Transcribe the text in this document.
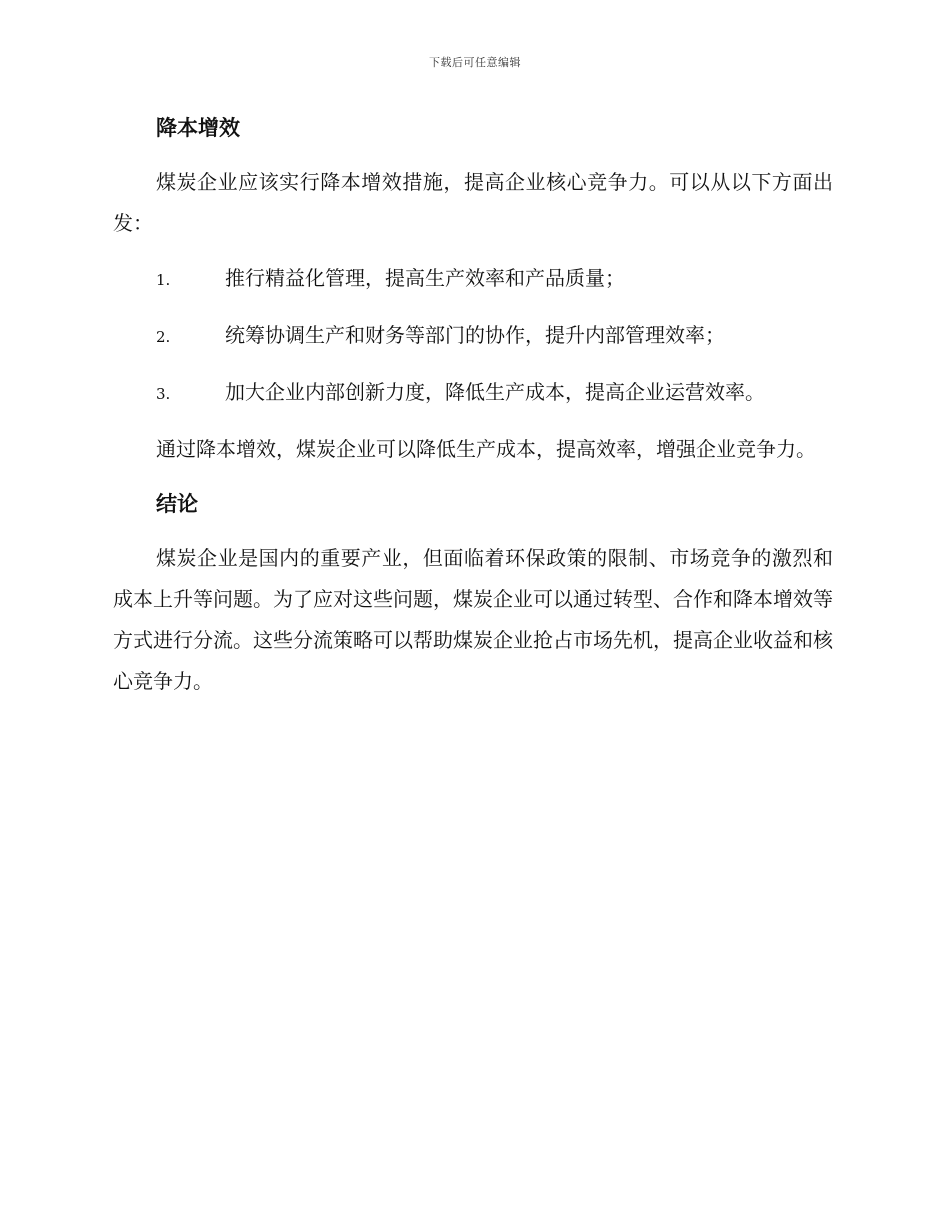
下载后可任意编辑
降本增效

煤炭企业应该实行降本增效措施，提高企业核心竞争力。可以从以下方面出发：

1.	推行精益化管理，提高生产效率和产品质量；
2.	统筹协调生产和财务等部门的协作，提升内部管理效率；
3.	加大企业内部创新力度，降低生产成本，提高企业运营效率。

通过降本增效，煤炭企业可以降低生产成本，提高效率，增强企业竞争力。

结论

煤炭企业是国内的重要产业，但面临着环保政策的限制、市场竞争的激烈和成本上升等问题。为了应对这些问题，煤炭企业可以通过转型、合作和降本增效等方式进行分流。这些分流策略可以帮助煤炭企业抢占市场先机，提高企业收益和核心竞争力。
